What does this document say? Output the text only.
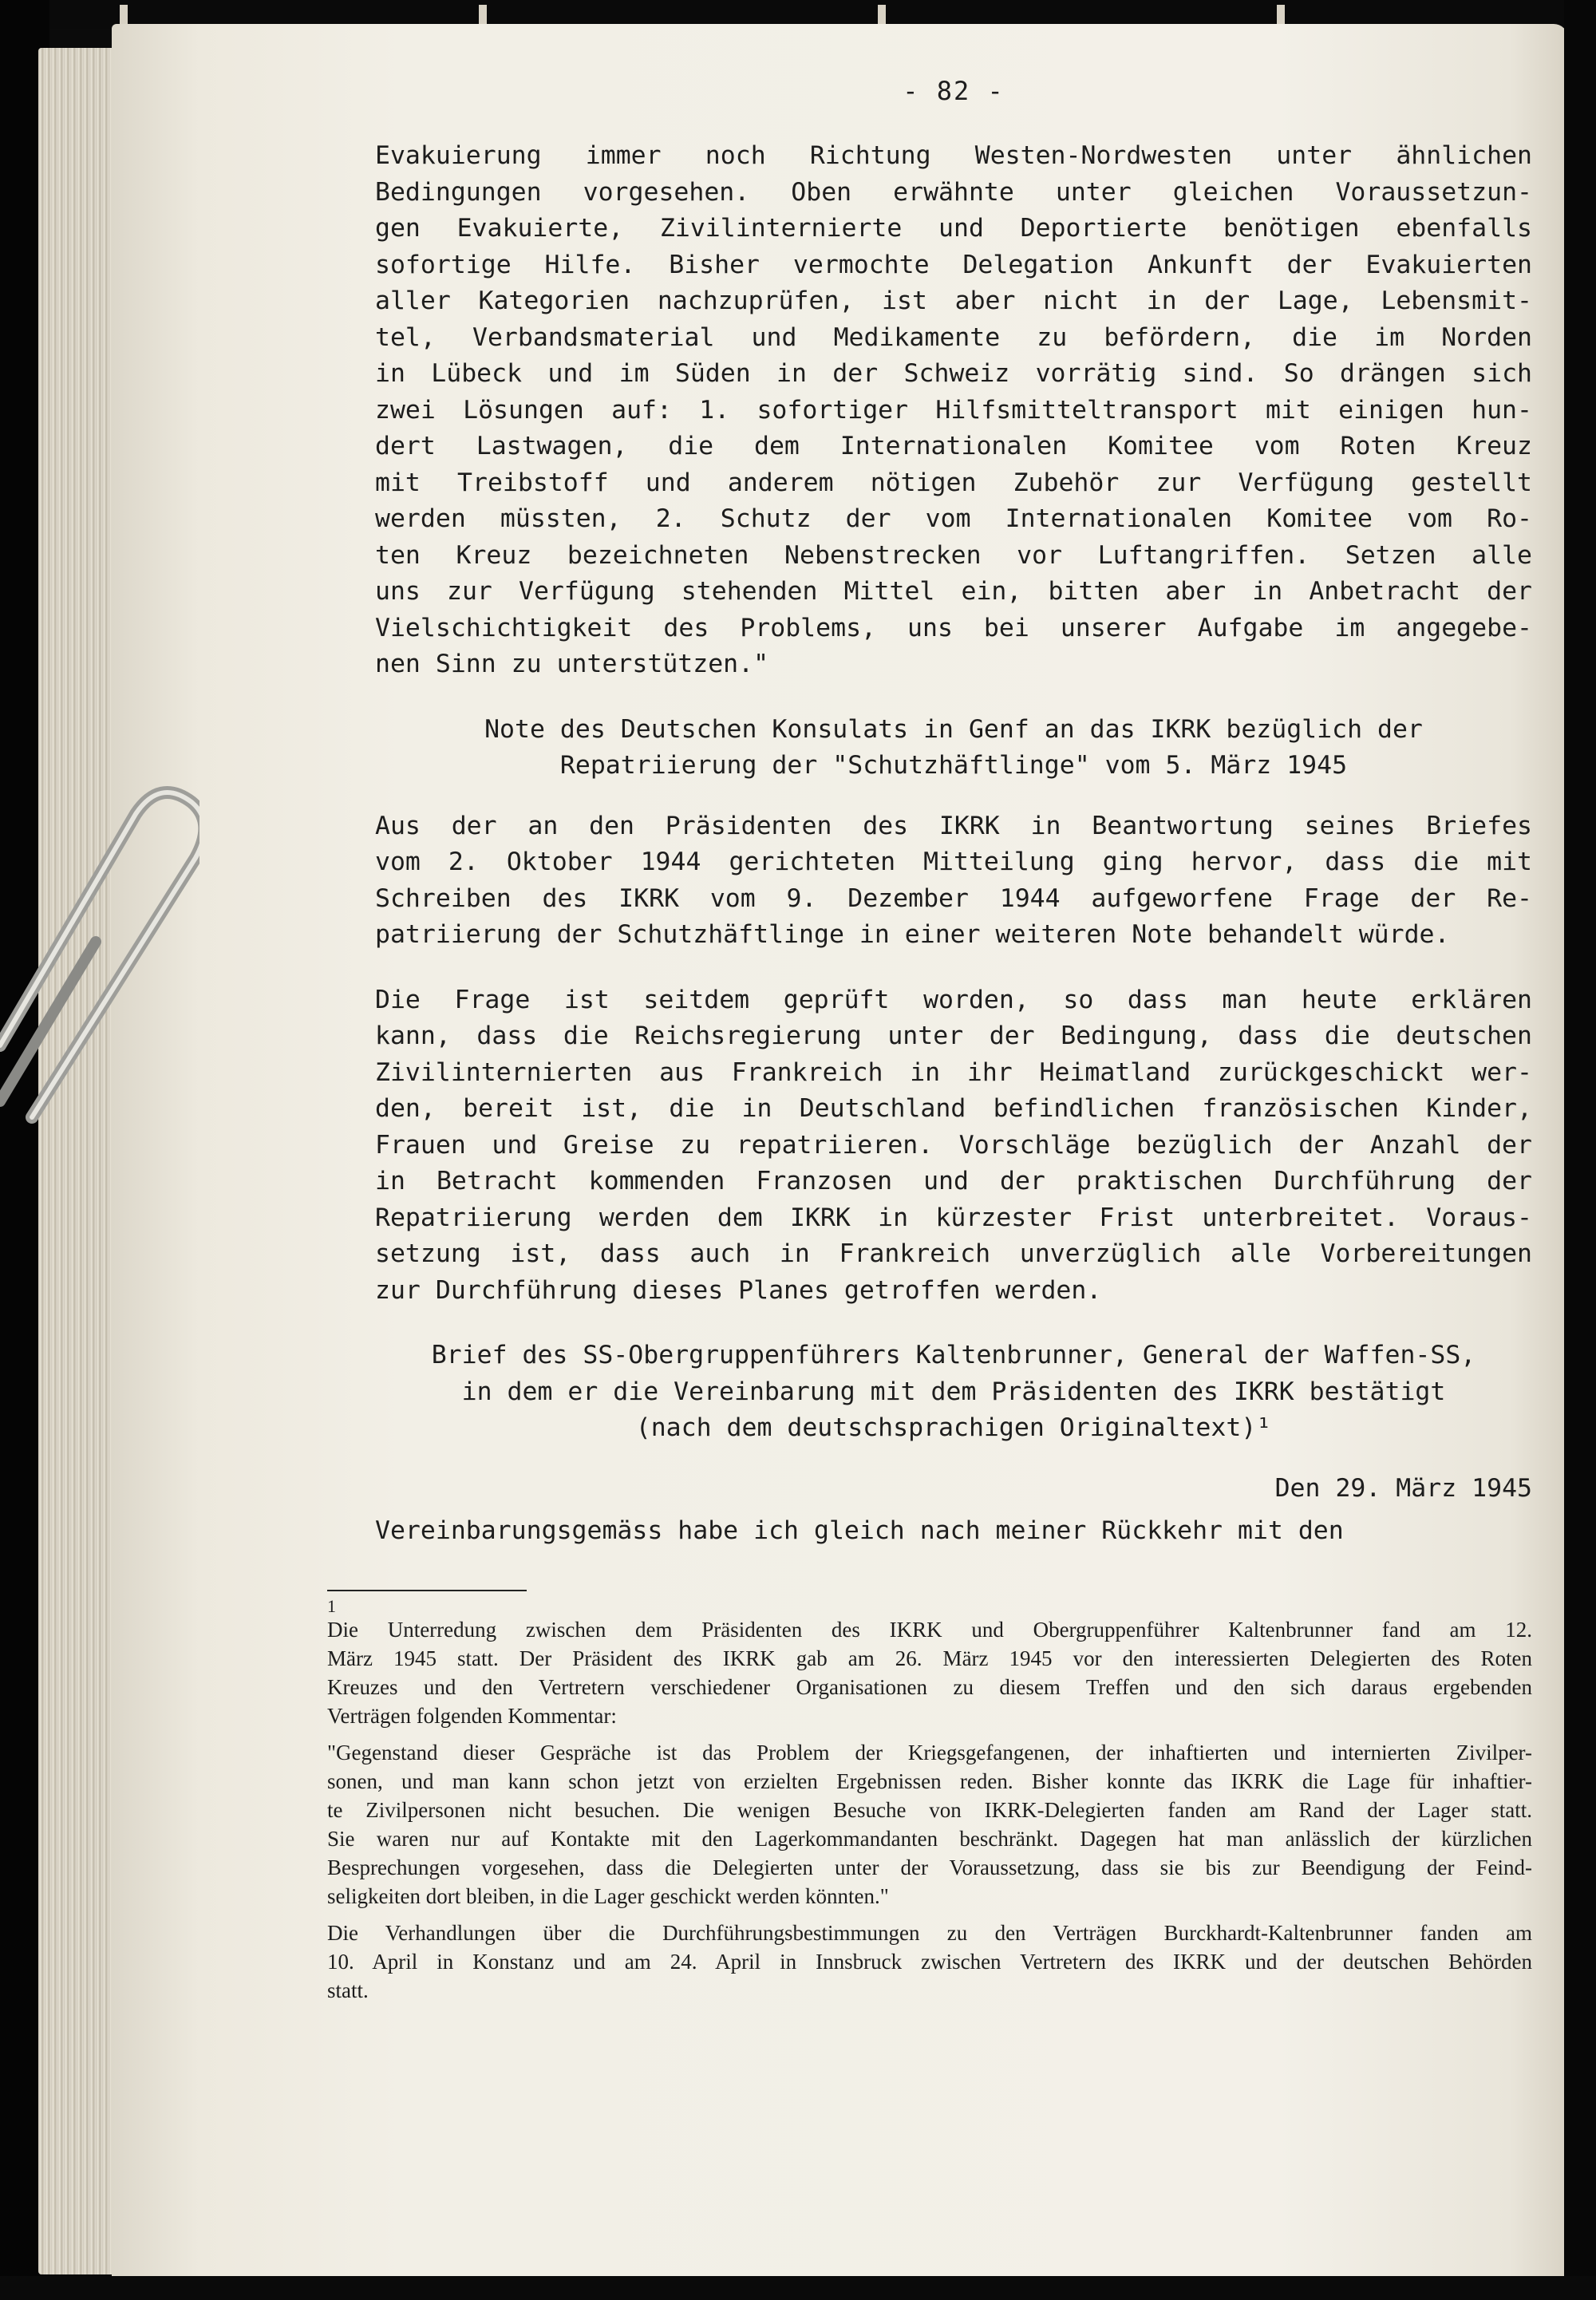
- 82 -
Evakuierung immer noch Richtung Westen-Nordwesten unter ähnlichen
Bedingungen vorgesehen. Oben erwähnte unter gleichen Voraussetzun-
gen Evakuierte, Zivilinternierte und Deportierte benötigen ebenfalls
sofortige Hilfe. Bisher vermochte Delegation Ankunft der Evakuierten
aller Kategorien nachzuprüfen, ist aber nicht in der Lage, Lebensmit-
tel, Verbandsmaterial und Medikamente zu befördern, die im Norden
in Lübeck und im Süden in der Schweiz vorrätig sind. So drängen sich
zwei Lösungen auf: 1. sofortiger Hilfsmitteltransport mit einigen hun-
dert Lastwagen, die dem Internationalen Komitee vom Roten Kreuz
mit Treibstoff und anderem nötigen Zubehör zur Verfügung gestellt
werden müssten, 2. Schutz der vom Internationalen Komitee vom Ro-
ten Kreuz bezeichneten Nebenstrecken vor Luftangriffen. Setzen alle
uns zur Verfügung stehenden Mittel ein, bitten aber in Anbetracht der
Vielschichtigkeit des Problems, uns bei unserer Aufgabe im angegebe-
nen Sinn zu unterstützen."
Note des Deutschen Konsulats in Genf an das IKRK bezüglich der
Repatriierung der "Schutzhäftlinge" vom 5. März 1945
Aus der an den Präsidenten des IKRK in Beantwortung seines Briefes
vom 2. Oktober 1944 gerichteten Mitteilung ging hervor, dass die mit
Schreiben des IKRK vom 9. Dezember 1944 aufgeworfene Frage der Re-
patriierung der Schutzhäftlinge in einer weiteren Note behandelt würde.
Die Frage ist seitdem geprüft worden, so dass man heute erklären
kann, dass die Reichsregierung unter der Bedingung, dass die deutschen
Zivilinternierten aus Frankreich in ihr Heimatland zurückgeschickt wer-
den, bereit ist, die in Deutschland befindlichen französischen Kinder,
Frauen und Greise zu repatriieren. Vorschläge bezüglich der Anzahl der
in Betracht kommenden Franzosen und der praktischen Durchführung der
Repatriierung werden dem IKRK in kürzester Frist unterbreitet. Voraus-
setzung ist, dass auch in Frankreich unverzüglich alle Vorbereitungen
zur Durchführung dieses Planes getroffen werden.
Brief des SS-Obergruppenführers Kaltenbrunner, General der Waffen-SS,
in dem er die Vereinbarung mit dem Präsidenten des IKRK bestätigt
(nach dem deutschsprachigen Originaltext)¹
Den 29. März 1945
Vereinbarungsgemäss habe ich gleich nach meiner Rückkehr mit den
1
Die Unterredung zwischen dem Präsidenten des IKRK und Obergruppenführer Kaltenbrunner fand am 12.
März 1945 statt. Der Präsident des IKRK gab am 26. März 1945 vor den interessierten Delegierten des Roten
Kreuzes und den Vertretern verschiedener Organisationen zu diesem Treffen und den sich daraus ergebenden
Verträgen folgenden Kommentar:
"Gegenstand dieser Gespräche ist das Problem der Kriegsgefangenen, der inhaftierten und internierten Zivilper-
sonen, und man kann schon jetzt von erzielten Ergebnissen reden. Bisher konnte das IKRK die Lage für inhaftier-
te Zivilpersonen nicht besuchen. Die wenigen Besuche von IKRK-Delegierten fanden am Rand der Lager statt.
Sie waren nur auf Kontakte mit den Lagerkommandanten beschränkt. Dagegen hat man anlässlich der kürzlichen
Besprechungen vorgesehen, dass die Delegierten unter der Voraussetzung, dass sie bis zur Beendigung der Feind-
seligkeiten dort bleiben, in die Lager geschickt werden könnten."
Die Verhandlungen über die Durchführungsbestimmungen zu den Verträgen Burckhardt-Kaltenbrunner fanden am
10. April in Konstanz und am 24. April in Innsbruck zwischen Vertretern des IKRK und der deutschen Behörden
statt.
